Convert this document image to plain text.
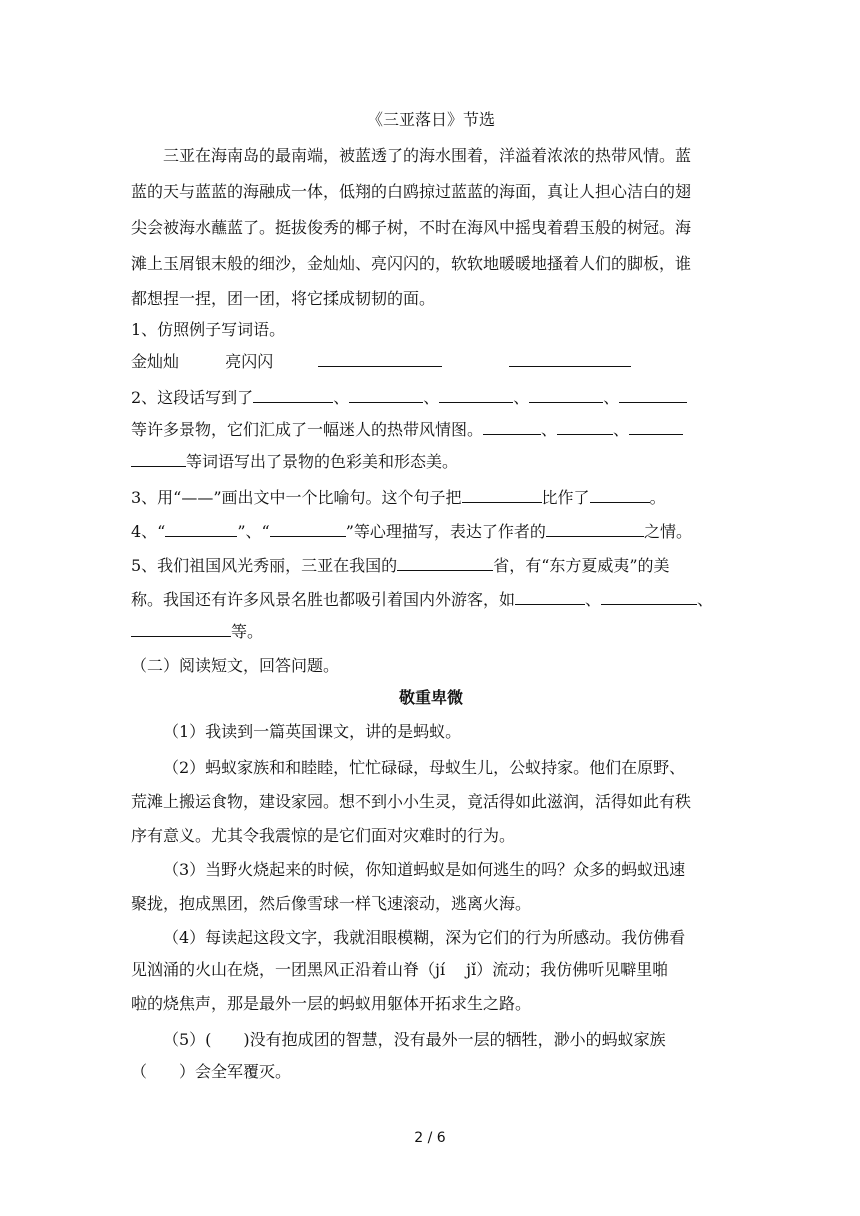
《三亚落日》节选
三亚在海南岛的最南端，被蓝透了的海水围着，洋溢着浓浓的热带风情。蓝
蓝的天与蓝蓝的海融成一体，低翔的白鸥掠过蓝蓝的海面，真让人担心洁白的翅
尖会被海水蘸蓝了。挺拔俊秀的椰子树，不时在海风中摇曳着碧玉般的树冠。海
滩上玉屑银末般的细沙，金灿灿、亮闪闪的，软软地暖暖地搔着人们的脚板，谁
都想捏一捏，团一团，将它揉成韧韧的面。
1、仿照例子写词语。
金灿灿	亮闪闪
2、这段话写到了	、	、	、	、
等许多景物，它们汇成了一幅迷人的热带风情图。	、	、
等词语写出了景物的色彩美和形态美。
3、用“——”画出文中一个比喻句。这个句子把	比作了	。
4、“	”、“	”等心理描写，表达了作者的	之情。
5、我们祖国风光秀丽，三亚在我国的	省，有“东方夏威夷”的美
称。我国还有许多风景名胜也都吸引着国内外游客，如	、	、
等。
（二）阅读短文，回答问题。
敬重卑微
（1）我读到一篇英国课文，讲的是蚂蚁。
（2）蚂蚁家族和和睦睦，忙忙碌碌，母蚁生儿，公蚁持家。他们在原野、
荒滩上搬运食物，建设家园。想不到小小生灵，竟活得如此滋润，活得如此有秩
序有意义。尤其令我震惊的是它们面对灾难时的行为。
（3）当野火烧起来的时候，你知道蚂蚁是如何逃生的吗？众多的蚂蚁迅速
聚拢，抱成黑团，然后像雪球一样飞速滚动，逃离火海。
（4）每读起这段文字，我就泪眼模糊，深为它们的行为所感动。我仿佛看
见汹涌的火山在烧，一团黑风正沿着山脊（jí　 jǐ）流动；我仿佛听见噼里啪
啦的烧焦声，那是最外一层的蚂蚁用躯体开拓求生之路。
（5）(　　)没有抱成团的智慧，没有最外一层的牺牲，渺小的蚂蚁家族
（　　）会全军覆灭。
2 / 6
